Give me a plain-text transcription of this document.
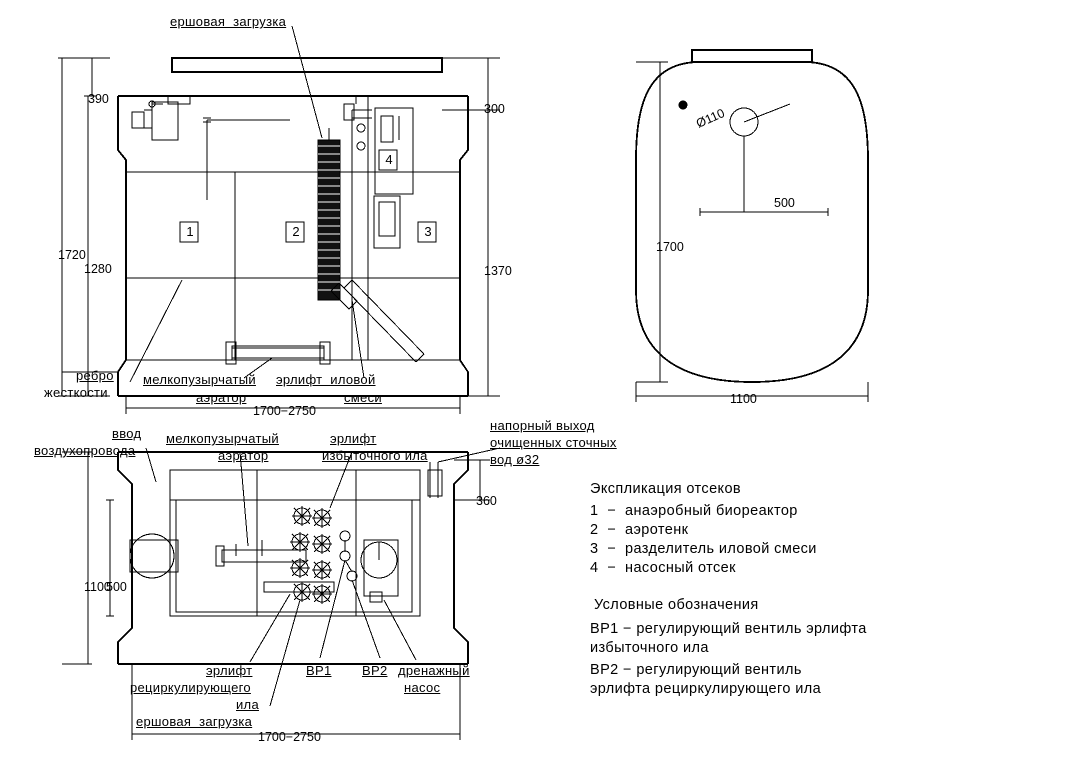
ершовая  загрузка
ребро
жесткости
мелкопузырчатый
аэратор
эрлифт  иловой
смеси
1	2	3
4
1720
1280
390
300
1370
1700−2750
1700
1100
500
Ø110
ввод
воздухопровода
мелкопузырчатый
аэратор
эрлифт
избыточного ила
напорный выход
очищенных сточных
вод ø32
эрлифт
рециркулирующего
ила
ершовая  загрузка
дренажный
насос
ВР1 ВР2
1100
500
360
1700−2750
Экспликация отсеков
1  −  анаэробный биореактор
2  −  аэротенк
3  −  разделитель иловой смеси
4  −  насосный отсек
Условные обозначения
ВР1 − регулирующий вентиль эрлифта
избыточного ила
ВР2 − регулирующий вентиль
эрлифта рециркулирующего ила
